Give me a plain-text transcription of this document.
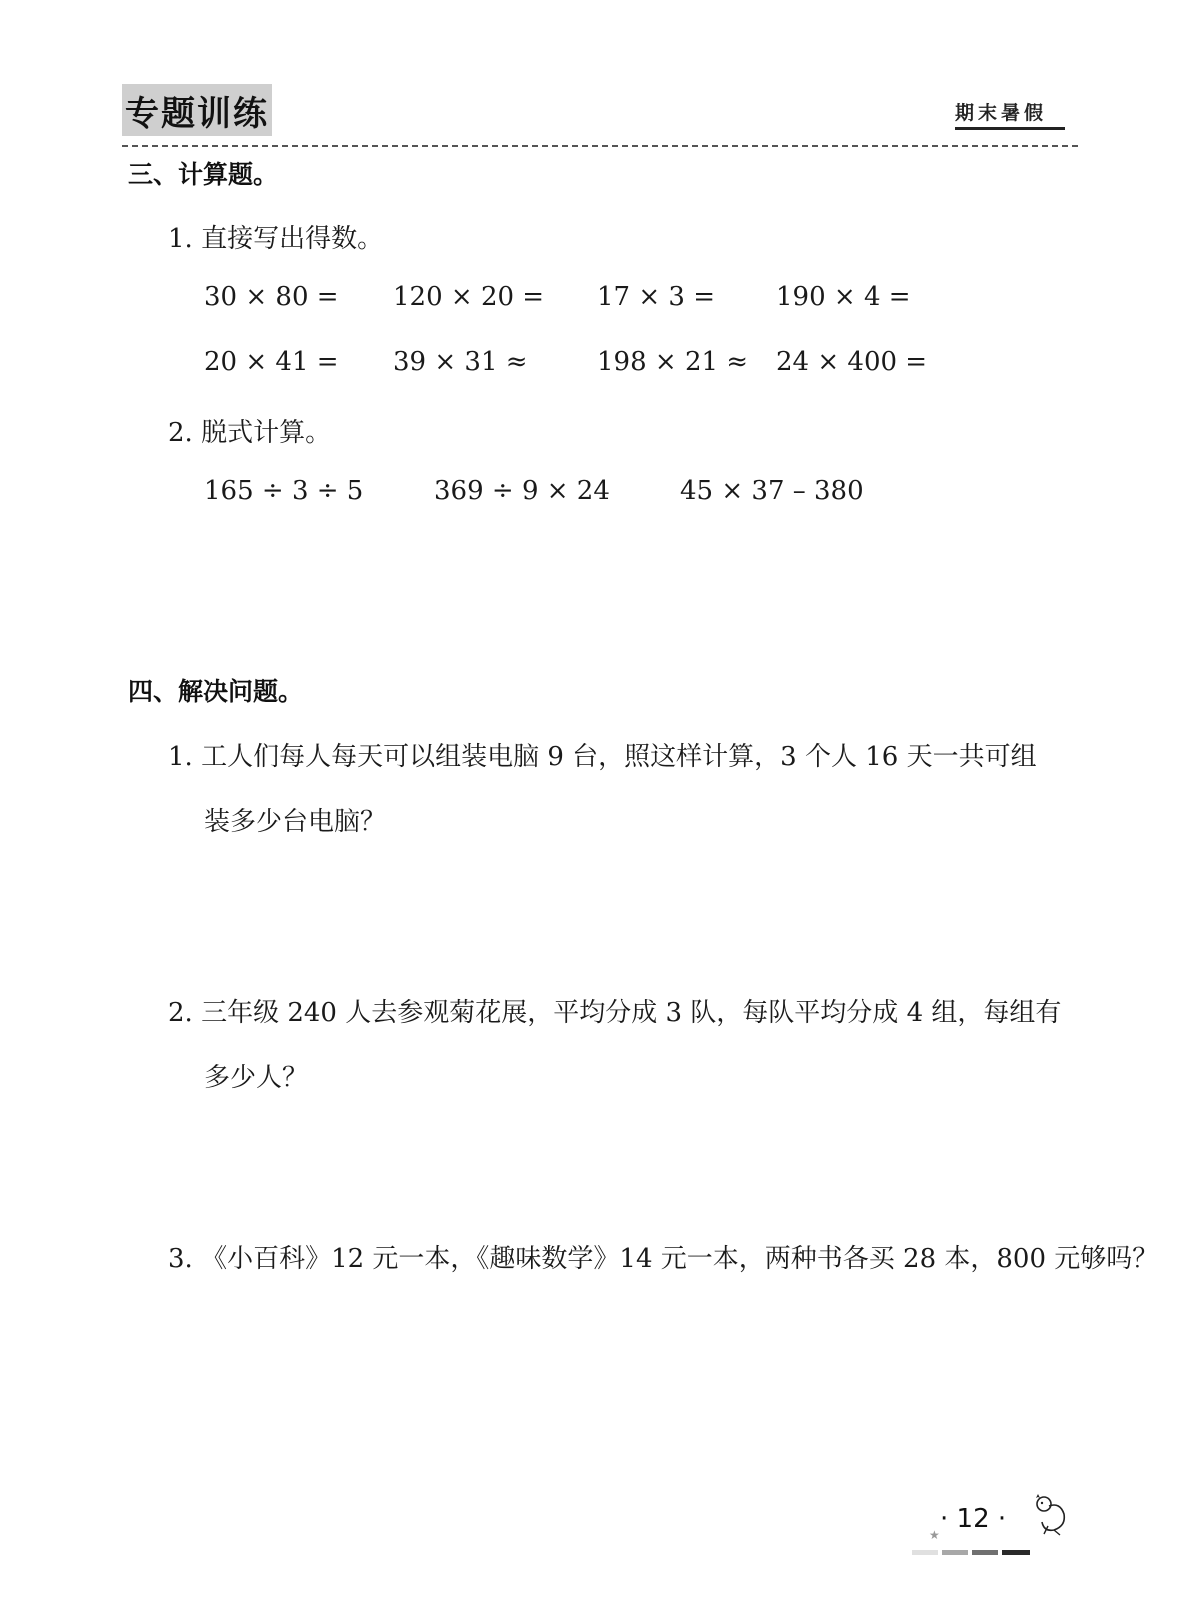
专题训练	期末暑假
三、计算题。
1. 直接写出得数。
30 × 80 = 120 × 20 = 17 × 3 = 190 × 4 =
20 × 41 = 39 × 31 ≈	198 × 21 ≈ 24 × 400 =
2. 脱式计算。
165 ÷ 3 ÷ 5	369 ÷ 9 × 24	45 × 37 – 380
四、解决问题。
1. 工人们每人每天可以组装电脑 9 台，照这样计算，3 个人 16 天一共可组
装多少台电脑？
2. 三年级 240 人去参观菊花展，平均分成 3 队，每队平均分成 4 组，每组有
多少人？
3. 《小百科》12 元一本，《趣味数学》14 元一本，两种书各买 28 本，800 元够吗？
· 12 ·
★
